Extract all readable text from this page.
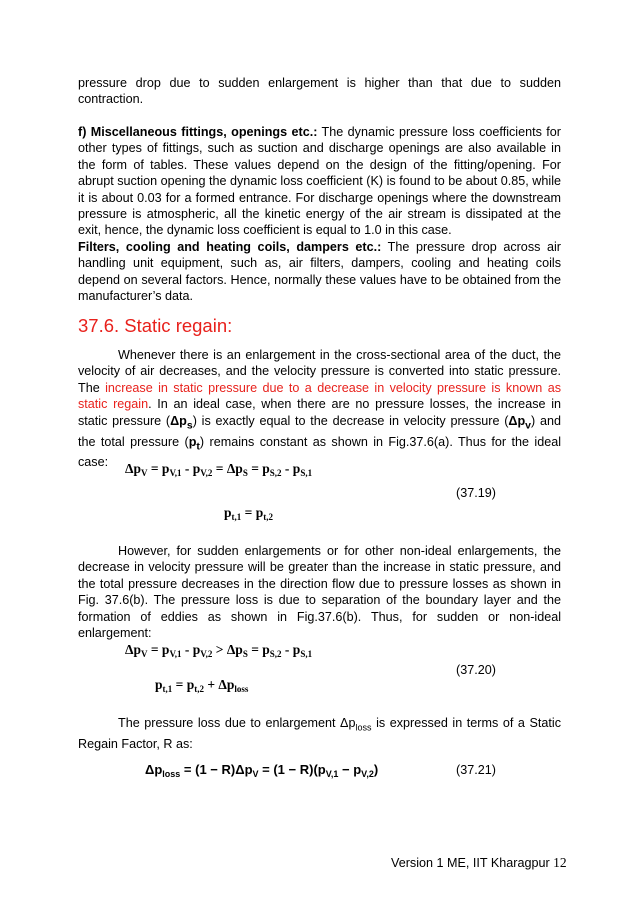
pressure drop due to sudden enlargement is higher than that due to sudden contraction.

f) Miscellaneous fittings, openings etc.: The dynamic pressure loss coefficients for other types of fittings, such as suction and discharge openings are also available in the form of tables. These values depend on the design of the fitting/opening. For abrupt suction opening the dynamic loss coefficient (K) is found to be about 0.85, while it is about 0.03 for a formed entrance. For discharge openings where the downstream pressure is atmospheric, all the kinetic energy of the air stream is dissipated at the exit, hence, the dynamic loss coefficient is equal to 1.0 in this case.

Filters, cooling and heating coils, dampers etc.: The pressure drop across air handling unit equipment, such as, air filters, dampers, cooling and heating coils depend on several factors. Hence, normally these values have to be obtained from the manufacturer’s data.

37.6. Static regain:

Whenever there is an enlargement in the cross-sectional area of the duct, the velocity of air decreases, and the velocity pressure is converted into static pressure. The increase in static pressure due to a decrease in velocity pressure is known as static regain. In an ideal case, when there are no pressure losses, the increase in static pressure $(\Delta p_s)$ is exactly equal to the decrease in velocity pressure $(\Delta p_v)$ and the total pressure $(p_t)$ remains constant as shown in Fig.37.6(a). Thus for the ideal case:	$\Delta p_V = p_{V,1} - p_{V,2} = \Delta p_S = p_{S,2} - p_{S,1}$
(37.19)
$p_{t,1} = p_{t,2}$

However, for sudden enlargements or for other non-ideal enlargements, the decrease in velocity pressure will be greater than the increase in static pressure, and the total pressure decreases in the direction flow due to pressure losses as shown in Fig. 37.6(b). The pressure loss is due to separation of the boundary layer and the formation of eddies as shown in Fig.37.6(b). Thus, for sudden or non-ideal enlargement:

$\Delta p_V = p_{V,1} - p_{V,2} > \Delta p_S = p_{S,2} - p_{S,1}$
(37.20)
$p_{t,1} = p_{t,2} + \Delta p_{loss}$

The pressure loss due to enlargement $\Delta p_{loss}$ is expressed in terms of a Static Regain Factor, R as:

$\Delta p_{loss} = (1 - R)\Delta p_V = (1 - R)(p_{V,1} - p_{V,2})$	(37.21)
Version 1 ME, IIT Kharagpur 12
